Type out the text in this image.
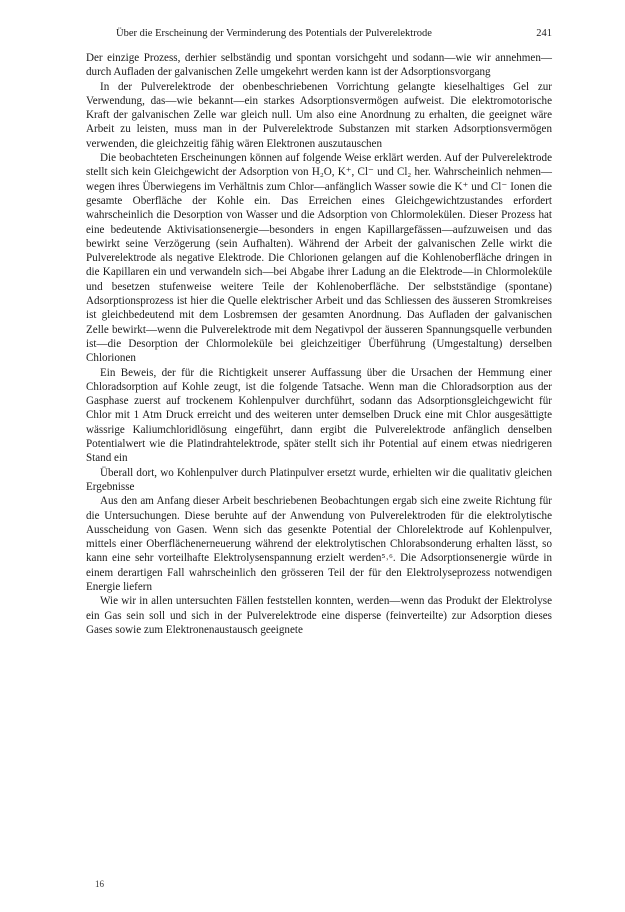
Über die Erscheinung der Verminderung des Potentials der Pulverelektrode	241

Der einzige Prozess, derhier selbständig und spontan vorsichgeht und sodann—wie wir annehmen—durch Aufladen der galvanischen Zelle umgekehrt werden kann ist der Adsorptionsvorgang

In der Pulverelektrode der obenbeschriebenen Vorrichtung gelangte kieselhaltiges Gel zur Verwendung, das—wie bekannt—ein starkes Adsorptionsvermögen aufweist. Die elektromotorische Kraft der galvanischen Zelle war gleich null. Um also eine Anordnung zu erhalten, die geeignet wäre Arbeit zu leisten, muss man in der Pulverelektrode Substanzen mit starken Adsorptionsvermögen verwenden, die gleichzeitig fähig wären Elektronen auszutauschen

Die beobachteten Erscheinungen können auf folgende Weise erklärt werden. Auf der Pulverelektrode stellt sich kein Gleichgewicht der Adsorption von H₂O, K⁺, Cl⁻ und Cl₂ her. Wahrscheinlich nehmen—wegen ihres Überwiegens im Verhältnis zum Chlor—anfänglich Wasser sowie die K⁺ und Cl⁻ Ionen die gesamte Oberfläche der Kohle ein. Das Erreichen eines Gleichgewichtzustandes erfordert wahrscheinlich die Desorption von Wasser und die Adsorption von Chlormolekülen. Dieser Prozess hat eine bedeutende Aktivisationsenergie—besonders in engen Kapillargefässen—aufzuweisen und das bewirkt seine Verzögerung (sein Aufhalten). Während der Arbeit der galvanischen Zelle wirkt die Pulverelektrode als negative Elektrode. Die Chlorionen gelangen auf die Kohlenoberfläche dringen in die Kapillaren ein und verwandeln sich—bei Abgabe ihrer Ladung an die Elektrode—in Chlormoleküle und besetzen stufenweise weitere Teile der Kohlenoberfläche. Der selbstständige (spontane) Adsorptionsprozess ist hier die Quelle elektrischer Arbeit und das Schliessen des äusseren Stromkreises ist gleichbedeutend mit dem Losbremsen der gesamten Anordnung. Das Aufladen der galvanischen Zelle bewirkt—wenn die Pulverelektrode mit dem Negativpol der äusseren Spannungsquelle verbunden ist—die Desorption der Chlormoleküle bei gleichzeitiger Überführung (Umgestaltung) derselben Chlorionen

Ein Beweis, der für die Richtigkeit unserer Auffassung über die Ursachen der Hemmung einer Chloradsorption auf Kohle zeugt, ist die folgende Tatsache. Wenn man die Chloradsorption aus der Gasphase zuerst auf trockenem Kohlenpulver durchführt, sodann das Adsorptionsgleichgewicht für Chlor mit 1 Atm Druck erreicht und des weiteren unter demselben Druck eine mit Chlor ausgesättigte wässrige Kaliumchloridlösung eingeführt, dann ergibt die Pulverelektrode anfänglich denselben Potentialwert wie die Platindrahtelektrode, später stellt sich ihr Potential auf einem etwas niedrigeren Stand ein

Überall dort, wo Kohlenpulver durch Platinpulver ersetzt wurde, erhielten wir die qualitativ gleichen Ergebnisse

Aus den am Anfang dieser Arbeit beschriebenen Beobachtungen ergab sich eine zweite Richtung für die Untersuchungen. Diese beruhte auf der Anwendung von Pulverelektroden für die elektrolytische Ausscheidung von Gasen. Wenn sich das gesenkte Potential der Chlorelektrode auf Kohlenpulver, mittels einer Oberflächenerneuerung während der elektrolytischen Chlorabsonderung erhalten lässt, so kann eine sehr vorteilhafte Elektrolysenspannung erzielt werden⁵˒⁶. Die Adsorptionsenergie würde in einem derartigen Fall wahrscheinlich den grösseren Teil der für den Elektrolyseprozess notwendigen Energie liefern

Wie wir in allen untersuchten Fällen feststellen konnten, werden—wenn das Produkt der Elektrolyse ein Gas sein soll und sich in der Pulverelektrode eine disperse (feinverteilte) zur Adsorption dieses Gases sowie zum Elektronenaustausch geeignete

16
